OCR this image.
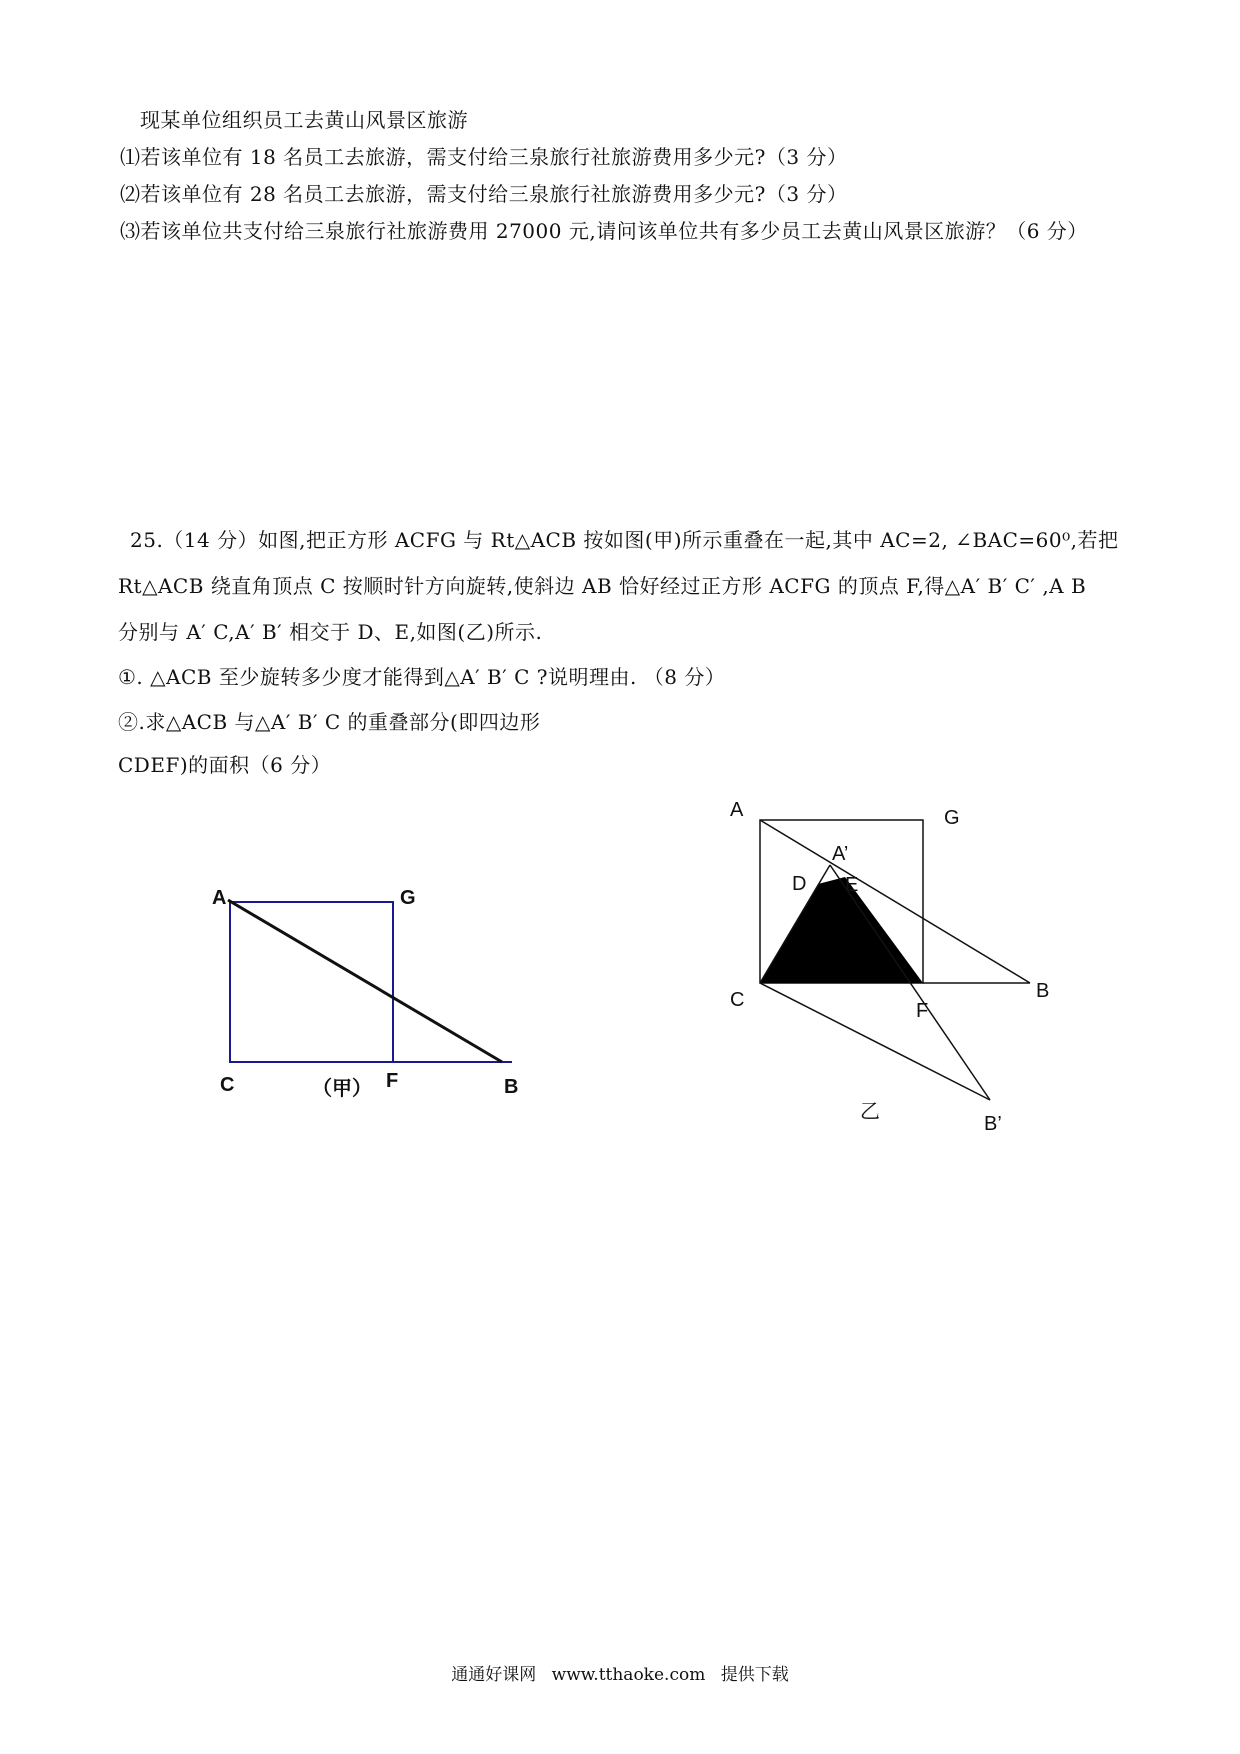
现某单位组织员工去黄山风景区旅游
⑴若该单位有 18 名员工去旅游，需支付给三泉旅行社旅游费用多少元?（3 分）
⑵若该单位有 28 名员工去旅游，需支付给三泉旅行社旅游费用多少元?（3 分）
⑶若该单位共支付给三泉旅行社旅游费用 27000 元,请问该单位共有多少员工去黄山风景区旅游？（6 分）
25.（14 分）如图,把正方形 ACFG 与 Rt△ACB 按如图(甲)所示重叠在一起,其中 AC=2, ∠BAC=60⁰,若把
Rt△ACB 绕直角顶点 C 按顺时针方向旋转,使斜边 AB 恰好经过正方形 ACFG 的顶点 F,得△A′ B′ C′ ,A B
分别与 A′ C,A′ B′ 相交于 D、E,如图(乙)所示.
①. △ACB 至少旋转多少度才能得到△A′ B′ C ?说明理由. （8 分）
②.求△ACB 与△A′ B′ C 的重叠部分(即四边形
CDEF)的面积（6 分）
A	G
C	F	B
（甲）
A	G
A’
D E
C	F
B
B’
乙
通通好课网 www.tthaoke.com 提供下载
